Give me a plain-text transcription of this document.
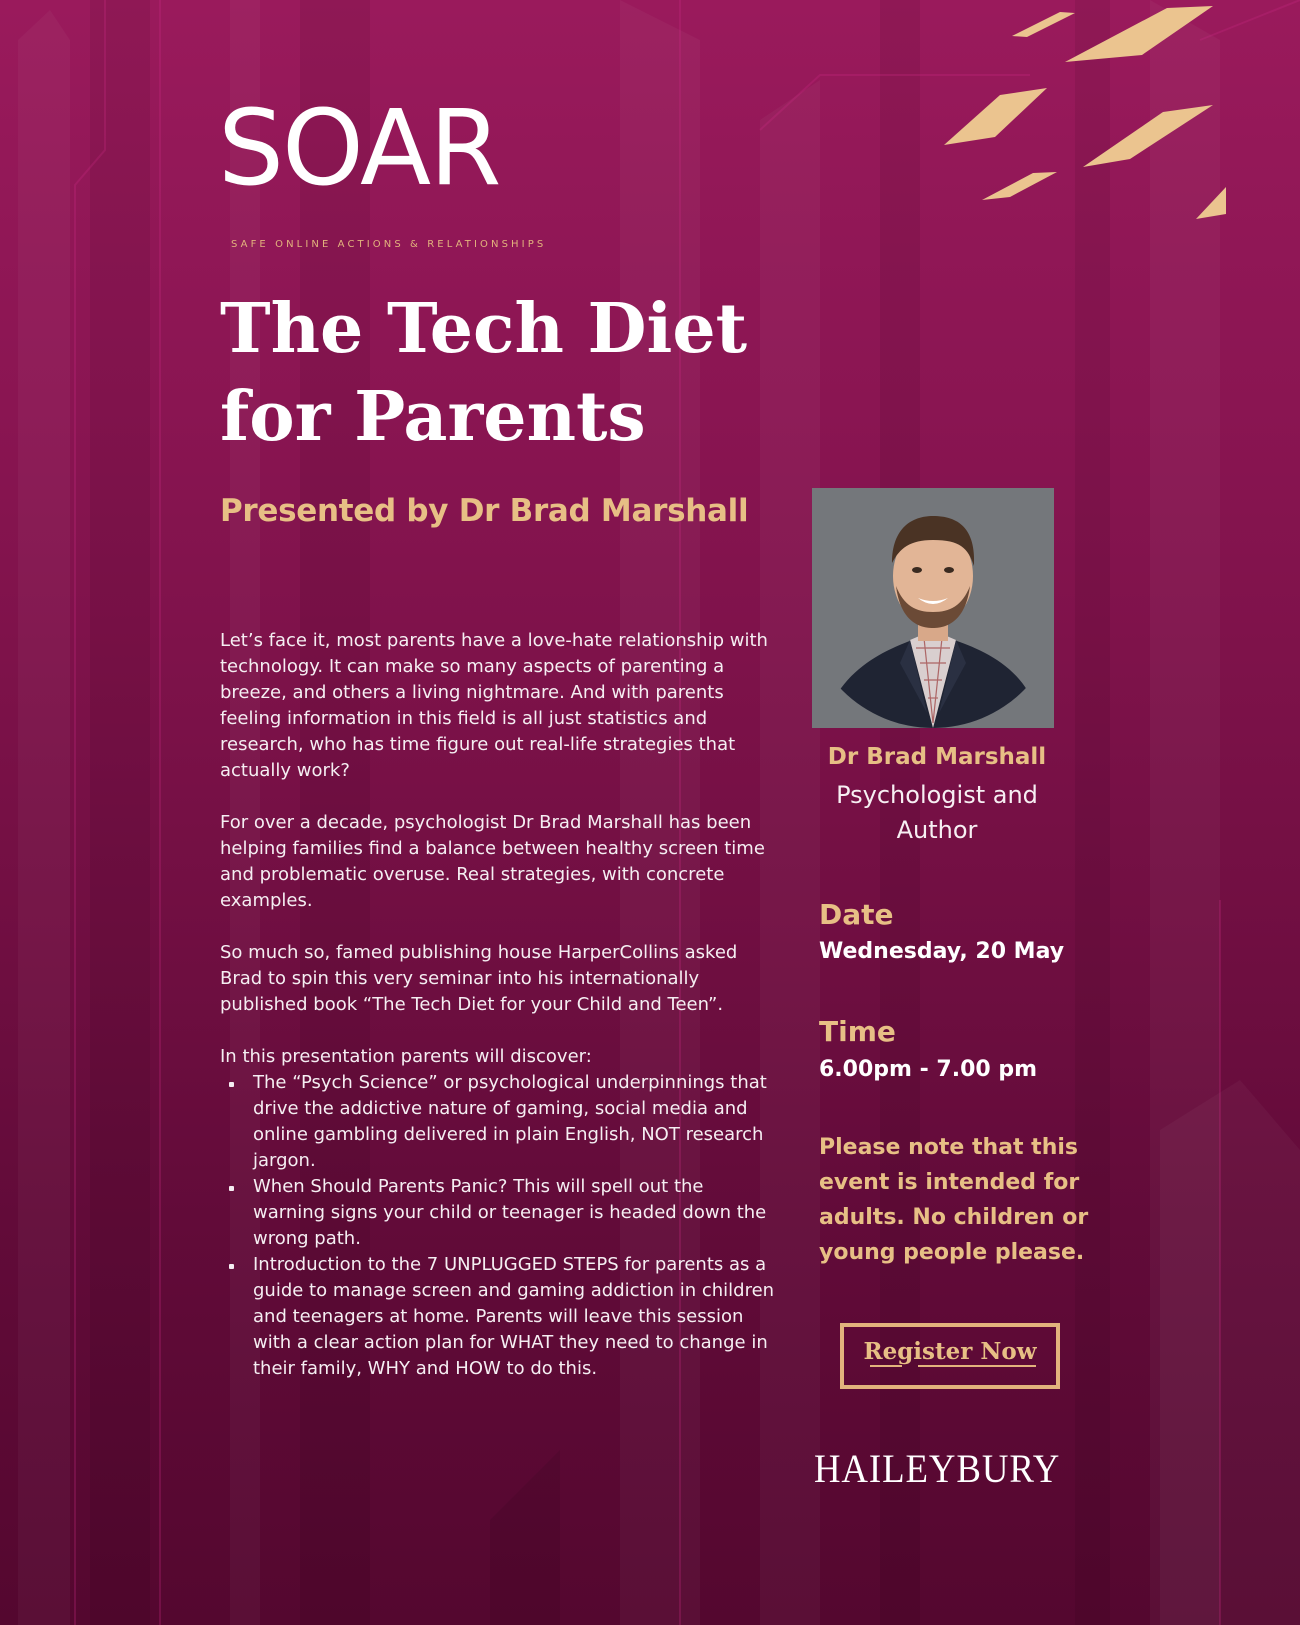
SOAR
SAFE ONLINE ACTIONS & RELATIONSHIPS
The Tech Diet
for Parents
Presented by Dr Brad Marshall

Let’s face it, most parents have a love-hate relationship with technology. It can make so many aspects of parenting a breeze, and others a living nightmare. And with parents feeling information in this field is all just statistics and research, who has time figure out real-life strategies that actually work?

For over a decade, psychologist Dr Brad Marshall has been helping families find a balance between healthy screen time and problematic overuse. Real strategies, with concrete examples.

So much so, famed publishing house HarperCollins asked Brad to spin this very seminar into his internationally published book “The Tech Diet for your Child and Teen”.

In this presentation parents will discover:

The “Psych Science” or psychological underpinnings that drive the addictive nature of gaming, social media and online gambling delivered in plain English, NOT research jargon.
When Should Parents Panic? This will spell out the warning signs your child or teenager is headed down the wrong path.
Introduction to the 7 UNPLUGGED STEPS for parents as a guide to manage screen and gaming addiction in children and teenagers at home. Parents will leave this session with a clear action plan for WHAT they need to change in their family, WHY and HOW to do this.
Dr Brad Marshall
Psychologist and
Author
Date
Wednesday, 20 May
Time
6.00pm - 7.00 pm
Please note that this event is intended for adults. No children or young people please.
Register Now
HAILEYBURY
